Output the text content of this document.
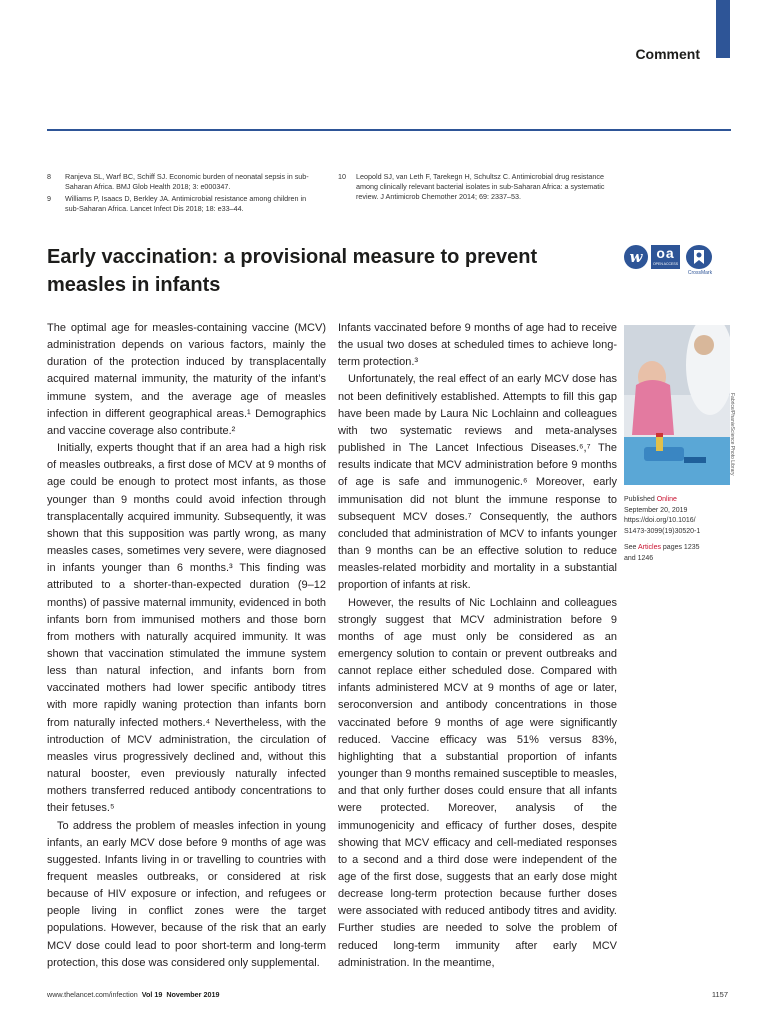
Comment
8 Ranjeva SL, Warf BC, Schiff SJ. Economic burden of neonatal sepsis in sub-Saharan Africa. BMJ Glob Health 2018; 3: e000347.
9 Williams P, Isaacs D, Berkley JA. Antimicrobial resistance among children in sub-Saharan Africa. Lancet Infect Dis 2018; 18: e33–44.
10 Leopold SJ, van Leth F, Tarekegn H, Schultsz C. Antimicrobial drug resistance among clinically relevant bacterial isolates in sub-Saharan Africa: a systematic review. J Antimicrob Chemother 2014; 69: 2337–53.
Early vaccination: a provisional measure to prevent measles in infants
w oa
OPEN ACCESS
CrossMark

The optimal age for measles-containing vaccine (MCV) administration depends on various factors, mainly the duration of the protection induced by transplacentally acquired maternal immunity, the maturity of the infant’s immune system, and the average age of measles infection in different geographical areas.¹ Demographics and vaccine coverage also contribute.²

Initially, experts thought that if an area had a high risk of measles outbreaks, a first dose of MCV at 9 months of age could be enough to protect most infants, as those younger than 9 months could avoid infection through transplacentally acquired immunity. Subsequently, it was shown that this supposition was partly wrong, as many measles cases, sometimes very severe, were diagnosed in infants younger than 6 months.³ This finding was attributed to a shorter-than-expected duration (9–12 months) of passive maternal immunity, evidenced in both infants born from immunised mothers and those born from mothers with naturally acquired immunity. It was shown that vaccination stimulated the immune system less than natural infection, and infants born from vaccinated mothers had lower specific antibody titres with more rapidly waning protection than infants born from naturally infected mothers.⁴ Nevertheless, with the introduction of MCV administration, the circulation of measles virus progressively declined and, without this natural booster, even previously naturally infected mothers transferred reduced antibody concentrations to their fetuses.⁵

To address the problem of measles infection in young infants, an early MCV dose before 9 months of age was suggested. Infants living in or travelling to countries with frequent measles outbreaks, or considered at risk because of HIV exposure or infection, and refugees or people living in conflict zones were the target populations. However, because of the risk that an early MCV dose could lead to poor short-term and long-term protection, this dose was considered only supplemental.

Infants vaccinated before 9 months of age had to receive the usual two doses at scheduled times to achieve long-term protection.³

Unfortunately, the real effect of an early MCV dose has not been definitively established. Attempts to fill this gap have been made by Laura Nic Lochlainn and colleagues with two systematic reviews and meta-analyses published in The Lancet Infectious Diseases.⁶,⁷ The results indicate that MCV administration before 9 months of age is safe and immunogenic.⁶ Moreover, early immunisation did not blunt the immune response to subsequent MCV doses.⁷ Consequently, the authors concluded that administration of MCV to infants younger than 9 months can be an effective solution to reduce measles-related morbidity and mortality in a substantial proportion of infants at risk.

However, the results of Nic Lochlainn and colleagues strongly suggest that MCV administration before 9 months of age must only be considered as an emergency solution to contain or prevent outbreaks and cannot replace either scheduled dose. Compared with infants administered MCV at 9 months of age or later, seroconversion and antibody concentrations in those vaccinated before 9 months of age were significantly reduced. Vaccine efficacy was 51% versus 83%, highlighting that a substantial proportion of infants younger than 9 months remained susceptible to measles, and that only further doses could ensure that all infants were protected. Moreover, analysis of the immunogenicity and efficacy of further doses, despite showing that MCV efficacy and cell-mediated responses to a second and a third dose were independent of the age of the first dose, suggests that an early dose might decrease long-term protection because further doses were associated with reduced antibody titres and avidity. Further studies are needed to solve the problem of reduced long-term immunity after early MCV administration. In the meantime,

Fabrice/PhanieScience Photo Library
Published Online
September 20, 2019
https://doi.org/10.1016/
S1473-3099(19)30520-1
See Articles pages 1235
and 1246
www.thelancet.com/infection Vol 19 November 2019	1157
